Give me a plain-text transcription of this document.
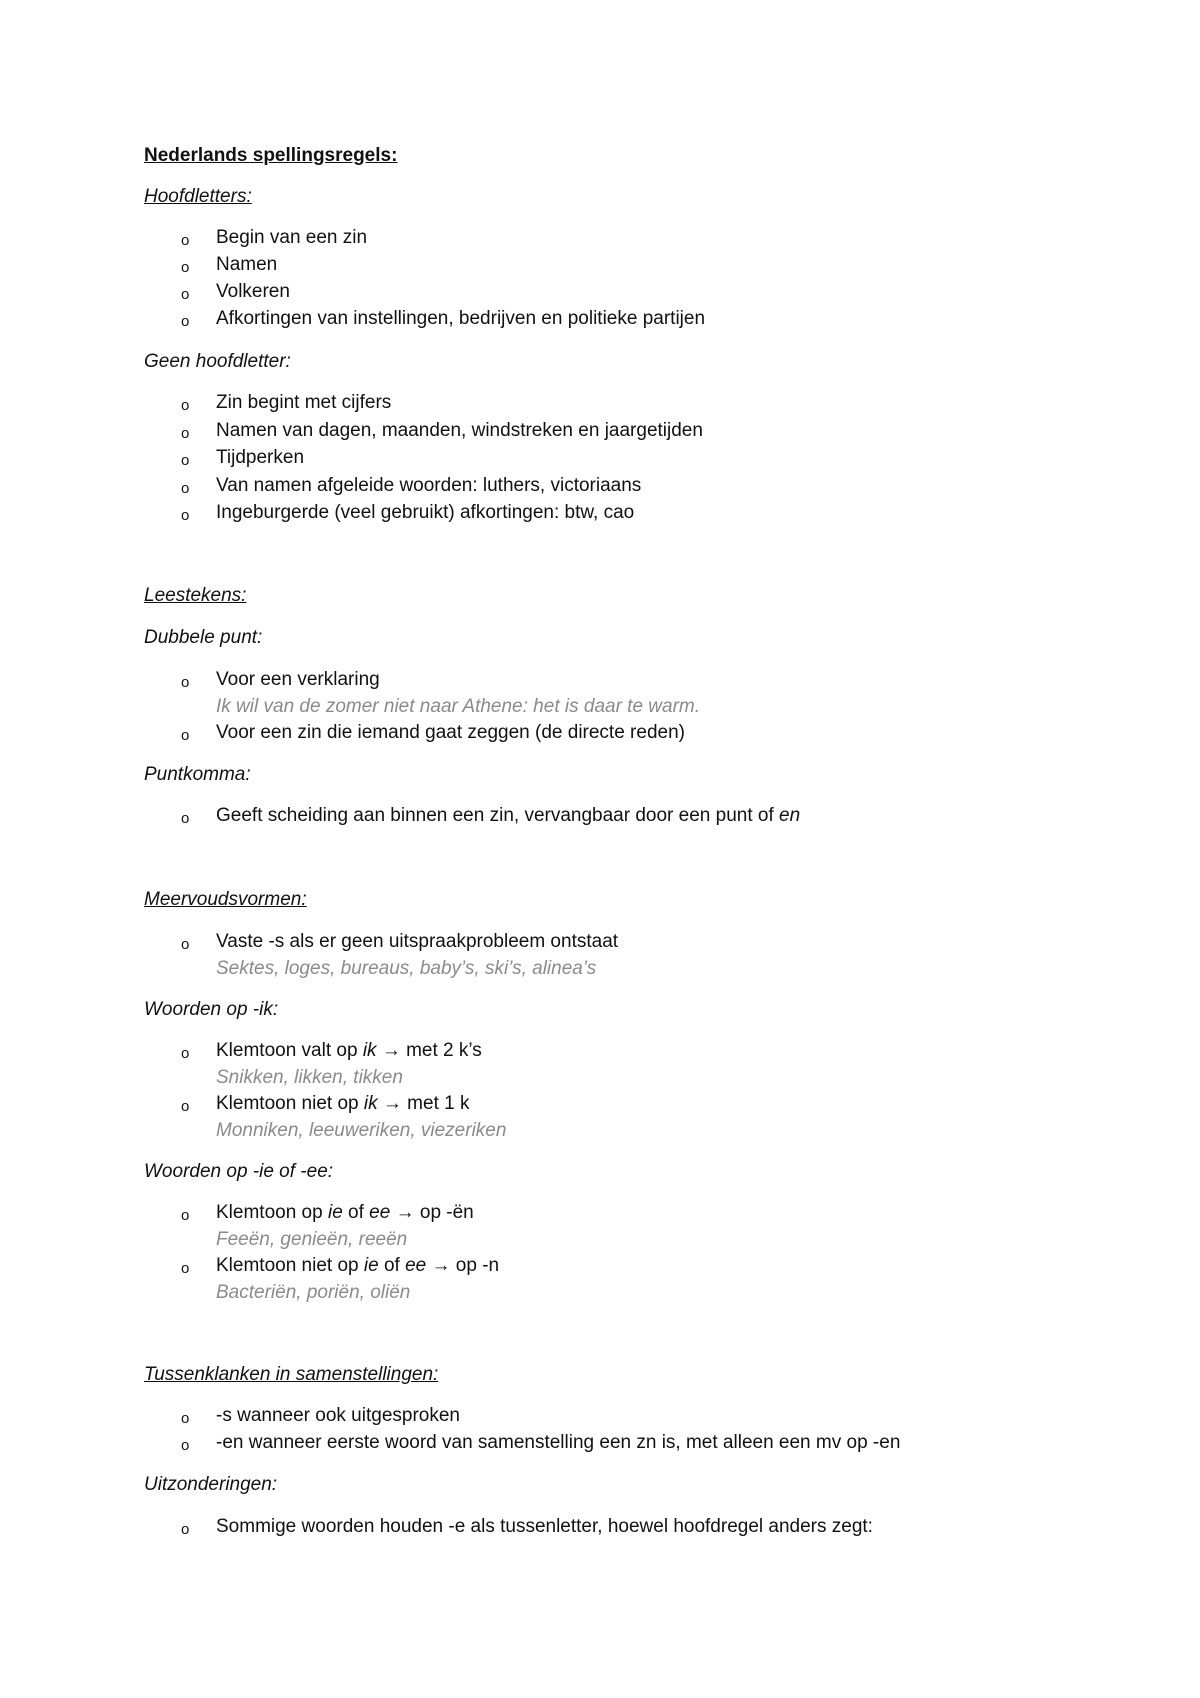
Nederlands spellingsregels:
Hoofdletters:
o Begin van een zin
o Namen
o Volkeren
o Afkortingen van instellingen, bedrijven en politieke partijen
Geen hoofdletter:
o Zin begint met cijfers
o Namen van dagen, maanden, windstreken en jaargetijden
o Tijdperken
o Van namen afgeleide woorden: luthers, victoriaans
o Ingeburgerde (veel gebruikt) afkortingen: btw, cao
Leestekens:
Dubbele punt:
o Voor een verklaring
Ik wil van de zomer niet naar Athene: het is daar te warm.
o Voor een zin die iemand gaat zeggen (de directe reden)
Puntkomma:
o Geeft scheiding aan binnen een zin, vervangbaar door een punt of en
Meervoudsvormen:
o Vaste -s als er geen uitspraakprobleem ontstaat
Sektes, loges, bureaus, baby’s, ski’s, alinea’s
Woorden op -ik:
o Klemtoon valt op ik → met 2 k’s
Snikken, likken, tikken
o Klemtoon niet op ik → met 1 k
Monniken, leeuweriken, viezeriken
Woorden op -ie of -ee:
o Klemtoon op ie of ee → op -ën
Feeën, genieën, reeën
o Klemtoon niet op ie of ee → op -n
Bacteriën, poriën, oliën
Tussenklanken in samenstellingen:
o -s wanneer ook uitgesproken
o -en wanneer eerste woord van samenstelling een zn is, met alleen een mv op -en
Uitzonderingen:
o Sommige woorden houden -e als tussenletter, hoewel hoofdregel anders zegt:
